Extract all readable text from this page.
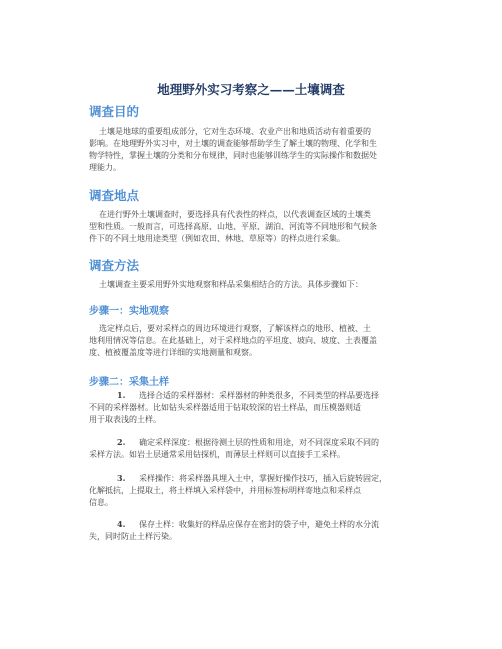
地理野外实习考察之——土壤调查
调查目的
土壤是地球的重要组成部分，它对生态环境、农业产出和地质活动有着重要的
影响。在地理野外实习中，对土壤的调查能够帮助学生了解土壤的物理、化学和生
物学特性，掌握土壤的分类和分布规律，同时也能够训练学生的实际操作和数据处
理能力。
调查地点
在进行野外土壤调查时，要选择具有代表性的样点，以代表调查区域的土壤类
型和性质。一般而言，可选择高原、山地、平原、湖泊、河流等不同地形和气候条
件下的不同土地用途类型（例如农田、林地、草原等）的样点进行采集。
调查方法
土壤调查主要采用野外实地观察和样品采集相结合的方法。具体步骤如下：
步骤一：实地观察
选定样点后，要对采样点的周边环境进行观察，了解该样点的地形、植被、土
地利用情况等信息。在此基础上，对于采样地点的平坦度、坡向、坡度、土表覆盖
度、植被覆盖度等进行详细的实地测量和观察。
步骤二：采集土样
1. 选择合适的采样器材：采样器材的种类很多，不同类型的样品要选择
不同的采样器材。比如钻头采样器适用于钻取较深的岩土样品，而压模器则适
用于取表浅的土样。
2. 确定采样深度：根据待测土层的性质和用途，对不同深度采取不同的
采样方法。如岩土层通常采用钻探机，而薄层土样则可以直接手工采样。
3. 采样操作：将采样器具埋入土中，掌握好操作技巧，插入后旋转固定，
化解抵抗，上提取土，将土样填入采样袋中，并用标签标明样寄地点和采样点
信息。
4. 保存土样：收集好的样品应保存在密封的袋子中，避免土样的水分流
失，同时防止土样污染。
